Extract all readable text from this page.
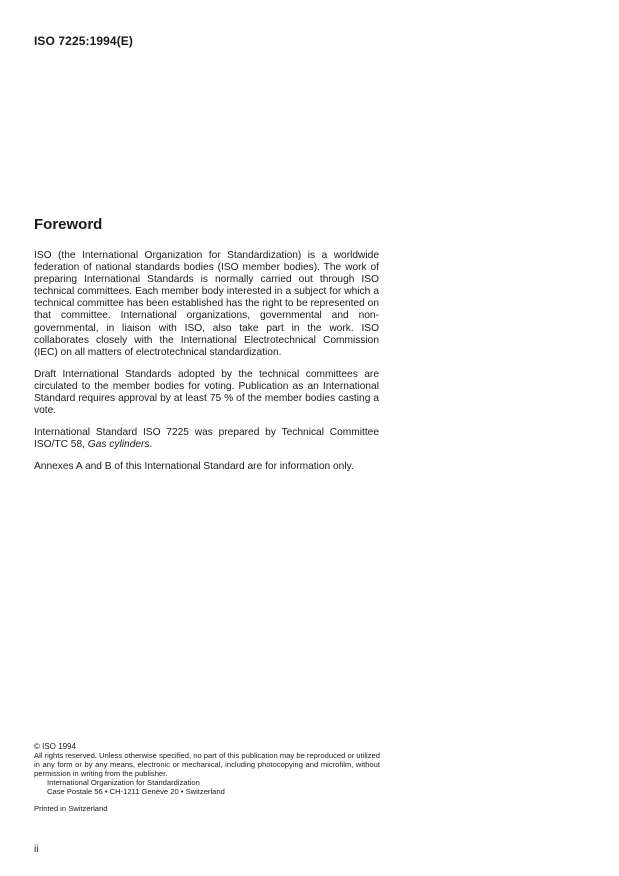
ISO 7225:1994(E)
Foreword

ISO (the International Organization for Standardization) is a worldwide federation of national standards bodies (ISO member bodies). The work of preparing International Standards is normally carried out through ISO technical committees. Each member body interested in a subject for which a technical committee has been established has the right to be represented on that committee. International organizations, governmental and non-governmental, in liaison with ISO, also take part in the work. ISO collaborates closely with the International Electrotechnical Commission (IEC) on all matters of electrotechnical standardization.

Draft International Standards adopted by the technical committees are circulated to the member bodies for voting. Publication as an International Standard requires approval by at least 75 % of the member bodies casting a vote.

International Standard ISO 7225 was prepared by Technical Committee ISO/TC 58, Gas cylinders.

Annexes A and B of this International Standard are for information only.

© ISO 1994
All rights reserved. Unless otherwise specified, no part of this publication may be reproduced or utilized in any form or by any means, electronic or mechanical, including photocopying and microfilm, without permission in writing from the publisher.
International Organization for Standardization
Case Postale 56 • CH-1211 Genève 20 • Switzerland
Printed in Switzerland
ii
